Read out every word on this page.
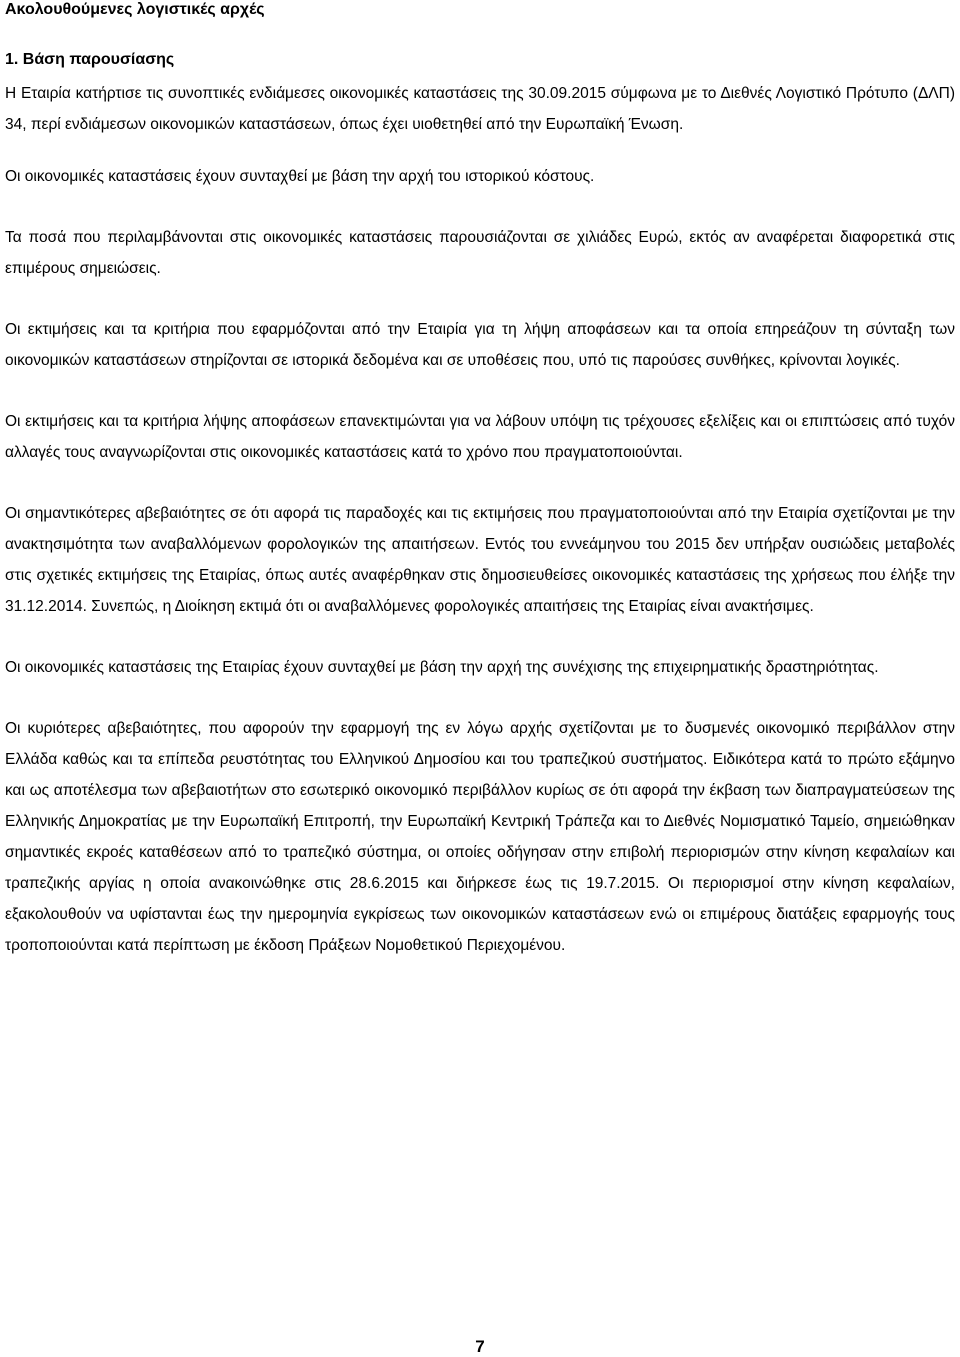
Ακολουθούμενες λογιστικές αρχές
1. Βάση παρουσίασης

Η Εταιρία κατήρτισε τις συνοπτικές ενδιάμεσες οικονομικές καταστάσεις της 30.09.2015 σύμφωνα με το Διεθνές Λογιστικό Πρότυπο (ΔΛΠ) 34, περί ενδιάμεσων οικονομικών καταστάσεων, όπως έχει υιοθετηθεί από την Ευρωπαϊκή Ένωση.

Οι οικονομικές καταστάσεις έχουν συνταχθεί με βάση την αρχή του ιστορικού κόστους.

Τα ποσά που περιλαμβάνονται στις οικονομικές καταστάσεις παρουσιάζονται σε χιλιάδες Ευρώ, εκτός αν αναφέρεται διαφορετικά στις επιμέρους σημειώσεις.

Οι εκτιμήσεις και τα κριτήρια που εφαρμόζονται από την Εταιρία για τη λήψη αποφάσεων και τα οποία επηρεάζουν τη σύνταξη των οικονομικών καταστάσεων στηρίζονται σε ιστορικά δεδομένα και σε υποθέσεις που, υπό τις παρούσες συνθήκες, κρίνονται λογικές.

Οι εκτιμήσεις και τα κριτήρια λήψης αποφάσεων επανεκτιμώνται για να λάβουν υπόψη τις τρέχουσες εξελίξεις και οι επιπτώσεις από τυχόν αλλαγές τους αναγνωρίζονται στις οικονομικές καταστάσεις κατά το χρόνο που πραγματοποιούνται.

Οι σημαντικότερες αβεβαιότητες σε ότι αφορά τις παραδοχές και τις εκτιμήσεις που πραγματοποιούνται από την Εταιρία σχετίζονται με την ανακτησιμότητα των αναβαλλόμενων φορολογικών της απαιτήσεων. Εντός του εννεάμηνου του 2015 δεν υπήρξαν ουσιώδεις μεταβολές στις σχετικές εκτιμήσεις της Εταιρίας, όπως αυτές αναφέρθηκαν στις δημοσιευθείσες οικονομικές καταστάσεις της χρήσεως που έλήξε την 31.12.2014. Συνεπώς, η Διοίκηση εκτιμά ότι οι αναβαλλόμενες φορολογικές απαιτήσεις της Εταιρίας είναι ανακτήσιμες.

Οι οικονομικές καταστάσεις της Εταιρίας έχουν συνταχθεί με βάση την αρχή της συνέχισης της επιχειρηματικής δραστηριότητας.

Οι κυριότερες αβεβαιότητες, που αφορούν την εφαρμογή της εν λόγω αρχής σχετίζονται με το δυσμενές οικονομικό περιβάλλον στην Ελλάδα καθώς και τα επίπεδα ρευστότητας του Ελληνικού Δημοσίου και του τραπεζικού συστήματος. Ειδικότερα κατά το πρώτο εξάμηνο και ως αποτέλεσμα των αβεβαιοτήτων στο εσωτερικό οικονομικό περιβάλλον κυρίως σε ότι αφορά την έκβαση των διαπραγματεύσεων της Ελληνικής Δημοκρατίας με την Ευρωπαϊκή Επιτροπή, την Ευρωπαϊκή Κεντρική Τράπεζα και το Διεθνές Νομισματικό Ταμείο, σημειώθηκαν σημαντικές εκροές καταθέσεων από το τραπεζικό σύστημα, οι οποίες οδήγησαν στην επιβολή περιορισμών στην κίνηση κεφαλαίων και τραπεζικής αργίας η οποία ανακοινώθηκε στις 28.6.2015 και διήρκεσε έως τις 19.7.2015. Οι περιορισμοί στην κίνηση κεφαλαίων, εξακολουθούν να υφίστανται έως την ημερομηνία εγκρίσεως των οικονομικών καταστάσεων ενώ οι επιμέρους διατάξεις εφαρμογής τους τροποποιούνται κατά περίπτωση με έκδοση Πράξεων Νομοθετικού Περιεχομένου.

7
